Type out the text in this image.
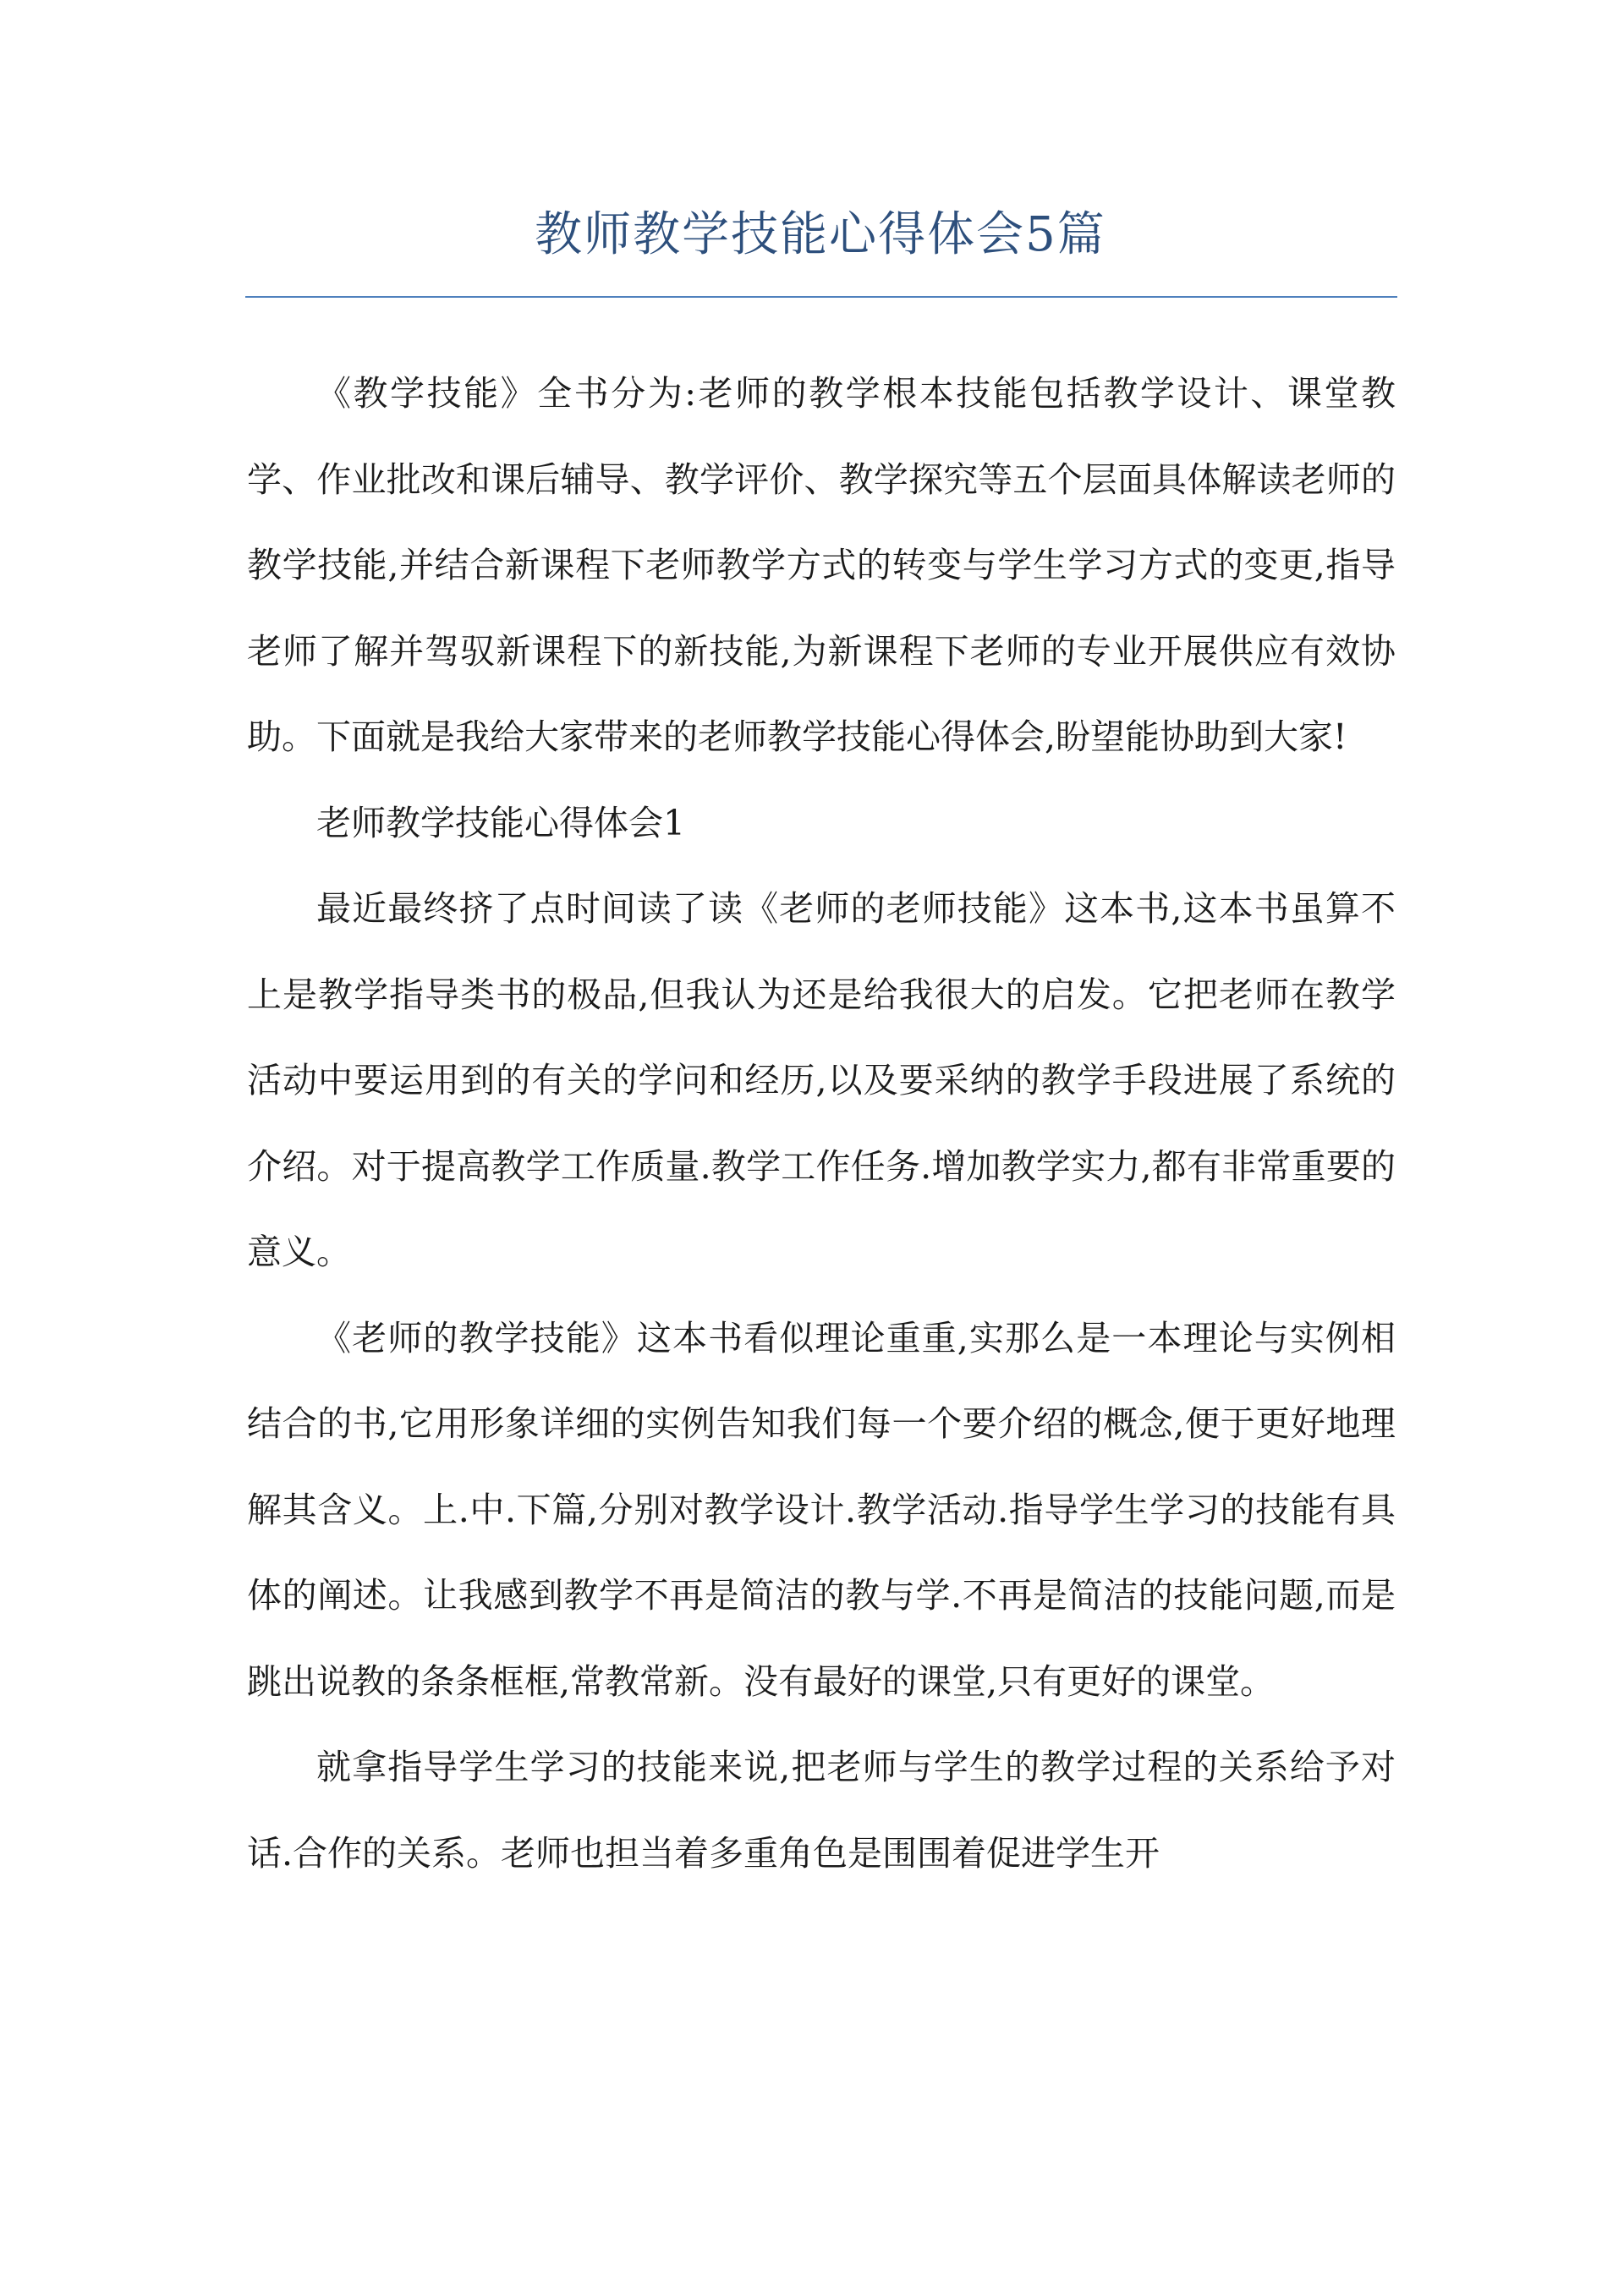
教师教学技能心得体会5篇

《教学技能》全书分为:老师的教学根本技能包括教学设计、课堂教学、作业批改和课后辅导、教学评价、教学探究等五个层面具体解读老师的教学技能,并结合新课程下老师教学方式的转变与学生学习方式的变更,指导老师了解并驾驭新课程下的新技能,为新课程下老师的专业开展供应有效协助。下面就是我给大家带来的老师教学技能心得体会,盼望能协助到大家!

老师教学技能心得体会1

最近最终挤了点时间读了读《老师的老师技能》这本书,这本书虽算不上是教学指导类书的极品,但我认为还是给我很大的启发。它把老师在教学活动中要运用到的有关的学问和经历,以及要采纳的教学手段进展了系统的介绍。对于提高教学工作质量.教学工作任务.增加教学实力,都有非常重要的意义。

《老师的教学技能》这本书看似理论重重,实那么是一本理论与实例相结合的书,它用形象详细的实例告知我们每一个要介绍的概念,便于更好地理解其含义。上.中.下篇,分别对教学设计.教学活动.指导学生学习的技能有具体的阐述。让我感到教学不再是简洁的教与学.不再是简洁的技能问题,而是跳出说教的条条框框,常教常新。没有最好的课堂,只有更好的课堂。

就拿指导学生学习的技能来说,把老师与学生的教学过程的关系给予对话.合作的关系。老师也担当着多重角色是围围着促进学生开
